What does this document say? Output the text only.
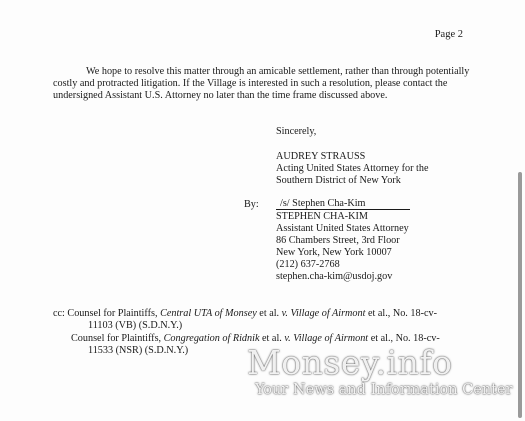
Page 2
We hope to resolve this matter through an amicable settlement, rather than through potentially costly and protracted litigation. If the Village is interested in such a resolution, please contact the undersigned Assistant U.S. Attorney no later than the time frame discussed above.
Sincerely,
AUDREY STRAUSS
Acting United States Attorney for the
Southern District of New York
By:	/s/ Stephen Cha-Kim
STEPHEN CHA-KIM
Assistant United States Attorney
86 Chambers Street, 3rd Floor
New York, New York 10007
(212) 637-2768
stephen.cha-kim@usdoj.gov
cc: Counsel for Plaintiffs, Central UTA of Monsey et al. v. Village of Airmont et al., No. 18-cv-
11103 (VB) (S.D.N.Y.)
Counsel for Plaintiffs, Congregation of Ridnik et al. v. Village of Airmont et al., No. 18-cv-
11533 (NSR) (S.D.N.Y.) Monsey.info
Your News and Information Center
